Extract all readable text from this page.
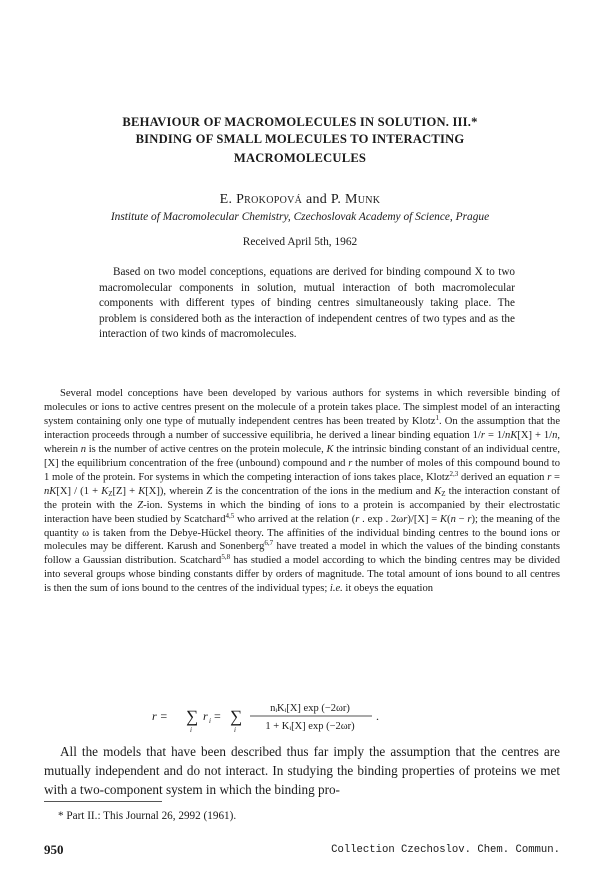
BEHAVIOUR OF MACROMOLECULES IN SOLUTION. III.*
BINDING OF SMALL MOLECULES TO INTERACTING
MACROMOLECULES
E. Prokopová and P. Munk
Institute of Macromolecular Chemistry, Czechoslovak Academy of Science, Prague
Received April 5th, 1962
Based on two model conceptions, equations are derived for binding compound X to two macromolecular components in solution, mutual interaction of both macromolecular components with different types of binding centres simultaneously taking place. The problem is considered both as the interaction of independent centres of two types and as the interaction of two kinds of macromolecules.
Several model conceptions have been developed by various authors for systems in which reversible binding of molecules or ions to active centres present on the molecule of a protein takes place. The simplest model of an interacting system containing only one type of mutually independent centres has been treated by Klotz$^1$. On the assumption that the interaction proceeds through a number of successive equilibria, he derived a linear binding equation 1/r = 1/nK[X] + 1/n, wherein n is the number of active centres on the protein molecule, K the intrinsic binding constant of an individual centre, [X] the equilibrium concentration of the free (unbound) compound and r the number of moles of this compound bound to 1 mole of the protein. For systems in which the competing interaction of ions takes place, Klotz$^{2,3}$ derived an equation $r = nK[X] / (1 + K_Z[Z] + K[X])$, wherein Z is the concentration of the ions in the medium and $K_Z$ the interaction constant of the protein with the Z-ion. Systems in which the binding of ions to a protein is accompanied by their electrostatic interaction have been studied by Scatchard$^{4,5}$ who arrived at the relation (r . exp . 2ωr)/[X] = K(n − r); the meaning of the quantity ω is taken from the Debye-Hückel theory. The affinities of the individual binding centres to the bound ions or molecules may be different. Karush and Sonenberg$^{6,7}$ have treated a model in which the values of the binding constants follow a Gaussian distribution. Scatchard$^{5,8}$ has studied a model according to which the binding centres may be divided into several groups whose binding constants differ by orders of magnitude. The total amount of ions bound to all centres is then the sum of ions bound to the centres of the individual types; i.e. it obeys the equation
r = ∑
i
r i = ∑
i
nᵢKᵢ[X] exp (−2ωr)
1 + Kᵢ[X] exp (−2ωr)
.
All the models that have been described thus far imply the assumption that the centres are mutually independent and do not interact. In studying the binding properties of proteins we met with a two-component system in which the binding pro-
* Part II.: This Journal 26, 2992 (1961).
950	Collection Czechoslov. Chem. Commun.
